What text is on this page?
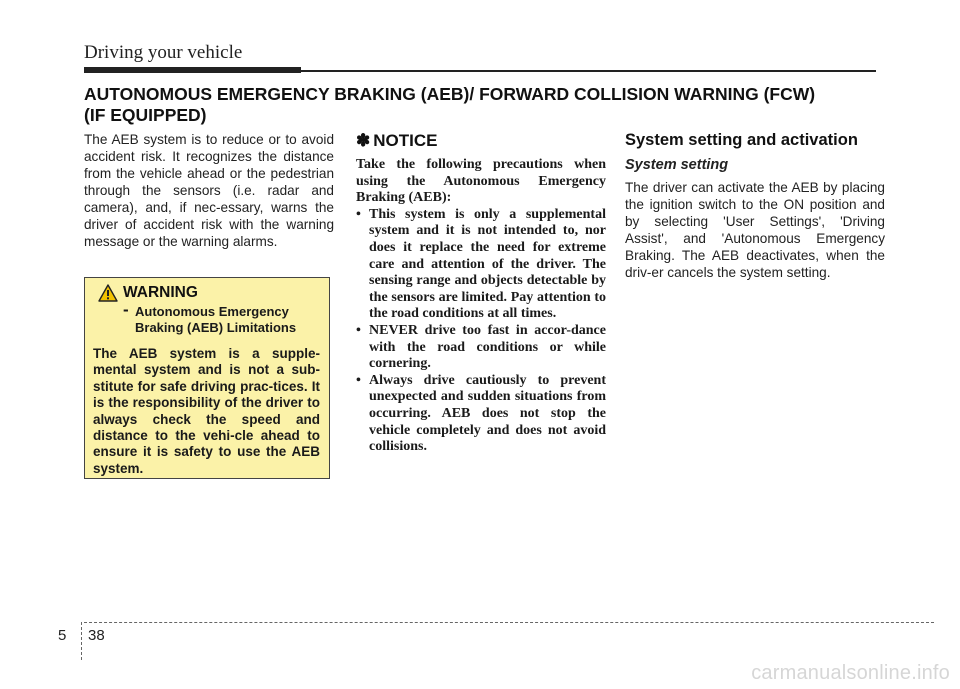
Driving your vehicle
AUTONOMOUS EMERGENCY BRAKING (AEB)/ FORWARD COLLISION WARNING (FCW)
(IF EQUIPPED)

The AEB system is to reduce or to avoid accident risk. It recognizes the distance from the vehicle ahead or the pedestrian through the sensors (i.e. radar and camera), and, if nec-essary, warns the driver of accident risk with the warning message or the warning alarms.

WARNING
- Autonomous Emergency Braking (AEB) Limitations

The AEB system is a supple-mental system and is not a sub-stitute for safe driving prac-tices. It is the responsibility of the driver to always check the speed and distance to the vehi-cle ahead to ensure it is safety to use the AEB system.

✽ NOTICE

Take the following precautions when using the Autonomous Emergency Braking (AEB):

• This system is only a supplemental system and it is not intended to, nor does it replace the need for extreme care and attention of the driver. The sensing range and objects detectable by the sensors are limited. Pay attention to the road conditions at all times.
• NEVER drive too fast in accor-dance with the road conditions or while cornering.
• Always drive cautiously to prevent unexpected and sudden situations from occurring. AEB does not stop the vehicle completely and does not avoid collisions.
System setting and activation
System setting

The driver can activate the AEB by placing the ignition switch to the ON position and by selecting 'User Settings', 'Driving Assist', and 'Autonomous Emergency Braking. The AEB deactivates, when the driv-er cancels the system setting.

5 38
carmanualsonline.info
